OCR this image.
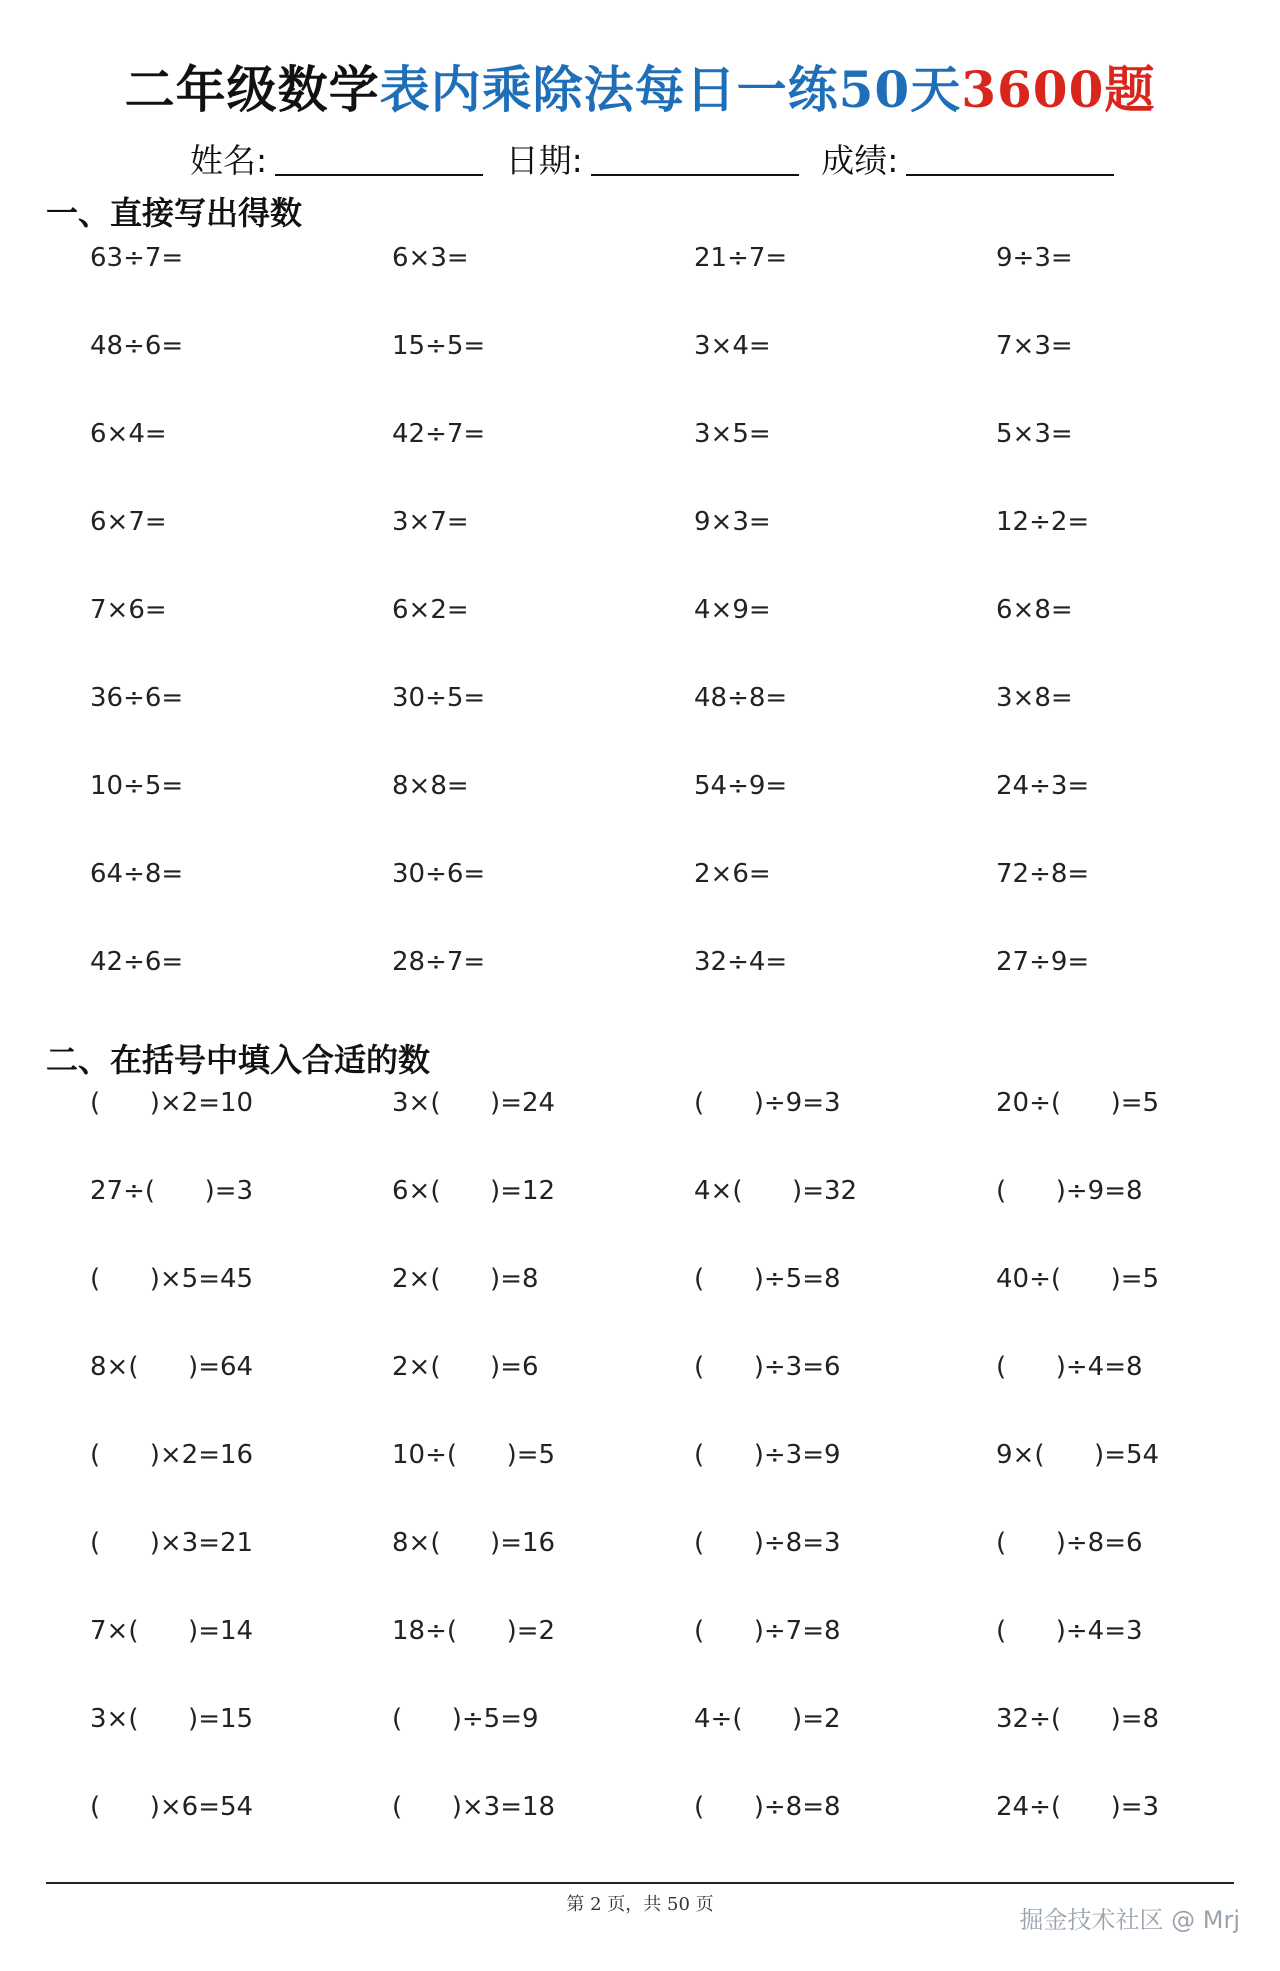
二年级数学表内乘除法每日一练50天3600题
姓名:	日期:	成绩:
一、直接写出得数
63÷7=	6×3=	21÷7=	9÷3=
48÷6=	15÷5=	3×4=	7×3=
6×4=	42÷7=	3×5=	5×3=
6×7=	3×7=	9×3=	12÷2=
7×6=	6×2=	4×9=	6×8=
36÷6=	30÷5=	48÷8=	3×8=
10÷5=	8×8=	54÷9=	24÷3=
64÷8=	30÷6=	2×6=	72÷8=
42÷6=	28÷7=	32÷4=	27÷9=
二、在括号中填入合适的数
(      )×2=10	3×(      )=24	(      )÷9=3	20÷(      )=5
27÷(      )=3	6×(      )=12	4×(      )=32	(      )÷9=8
(      )×5=45	2×(      )=8	(      )÷5=8	40÷(      )=5
8×(      )=64	2×(      )=6	(      )÷3=6	(      )÷4=8
(      )×2=16	10÷(      )=5	(      )÷3=9	9×(      )=54
(      )×3=21	8×(      )=16	(      )÷8=3	(      )÷8=6
7×(      )=14	18÷(      )=2	(      )÷7=8	(      )÷4=3
3×(      )=15	(      )÷5=9	4÷(      )=2	32÷(      )=8
(      )×6=54	(      )×3=18	(      )÷8=8	24÷(      )=3
第 2 页，共 50 页
掘金技术社区 @ Mrj
